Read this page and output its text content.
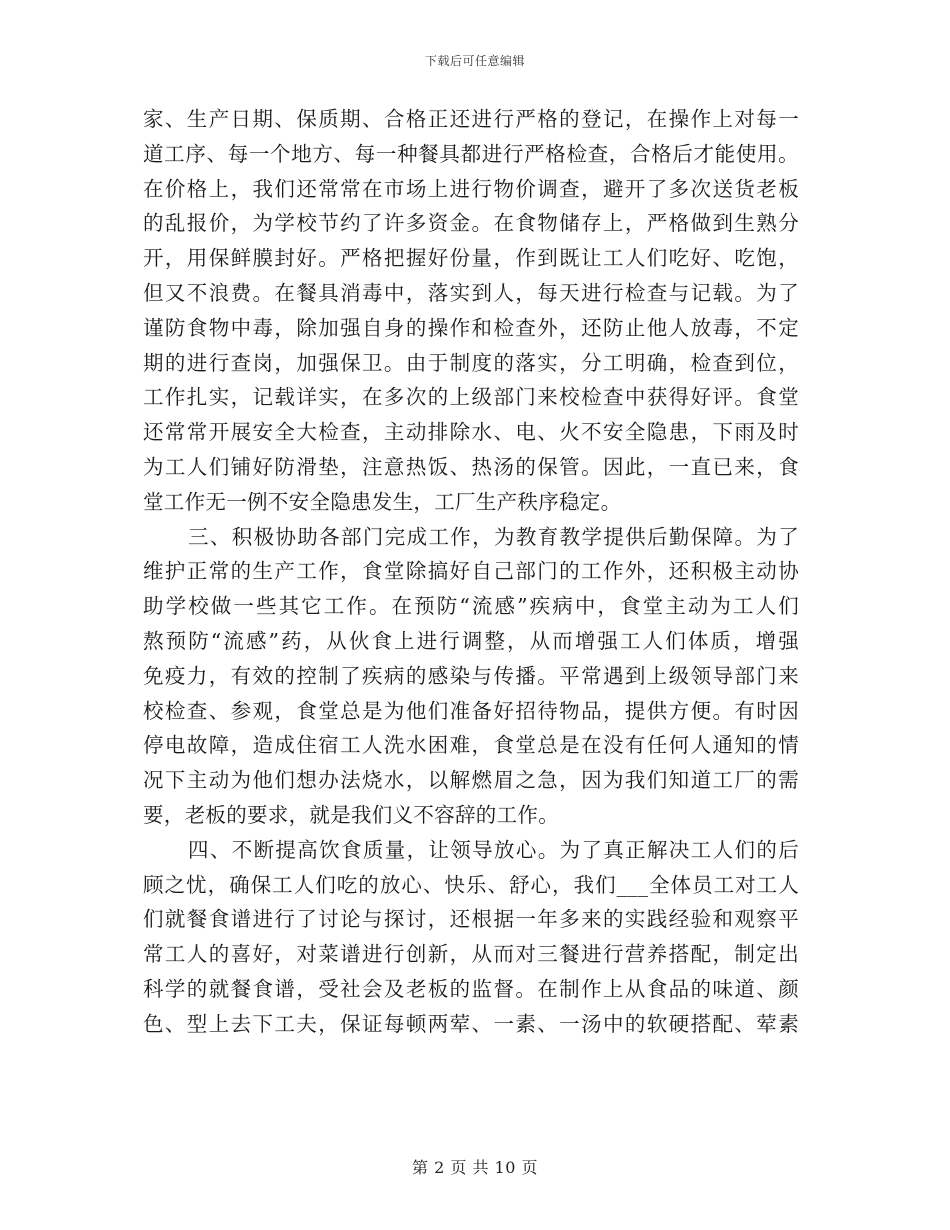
下载后可任意编辑
家、生产日期、保质期、合格正还进行严格的登记，在操作上对每一
道工序、每一个地方、每一种餐具都进行严格检查，合格后才能使用。
在价格上，我们还常常在市场上进行物价调查，避开了多次送货老板
的乱报价，为学校节约了许多资金。在食物储存上，严格做到生熟分
开，用保鲜膜封好。严格把握好份量，作到既让工人们吃好、吃饱，
但又不浪费。在餐具消毒中，落实到人，每天进行检查与记载。为了
谨防食物中毒，除加强自身的操作和检查外，还防止他人放毒，不定
期的进行查岗，加强保卫。由于制度的落实，分工明确，检查到位，
工作扎实，记载详实，在多次的上级部门来校检查中获得好评。食堂
还常常开展安全大检查，主动排除水、电、火不安全隐患，下雨及时
为工人们铺好防滑垫，注意热饭、热汤的保管。因此，一直已来，食
堂工作无一例不安全隐患发生，工厂生产秩序稳定。
三、积极协助各部门完成工作，为教育教学提供后勤保障。为了
维护正常的生产工作，食堂除搞好自己部门的工作外，还积极主动协
助学校做一些其它工作。在预防“流感”疾病中，食堂主动为工人们
熬预防“流感”药，从伙食上进行调整，从而增强工人们体质，增强
免疫力，有效的控制了疾病的感染与传播。平常遇到上级领导部门来
校检查、参观，食堂总是为他们准备好招待物品，提供方便。有时因
停电故障，造成住宿工人洗水困难，食堂总是在没有任何人通知的情
况下主动为他们想办法烧水，以解燃眉之急，因为我们知道工厂的需
要，老板的要求，就是我们义不容辞的工作。
四、不断提高饮食质量，让领导放心。为了真正解决工人们的后
顾之忧，确保工人们吃的放心、快乐、舒心，我们___全体员工对工人
们就餐食谱进行了讨论与探讨，还根据一年多来的实践经验和观察平
常工人的喜好，对菜谱进行创新，从而对三餐进行营养搭配，制定出
科学的就餐食谱，受社会及老板的监督。在制作上从食品的味道、颜
色、型上去下工夫，保证每顿两荤、一素、一汤中的软硬搭配、荤素
第 2 页 共 10 页
